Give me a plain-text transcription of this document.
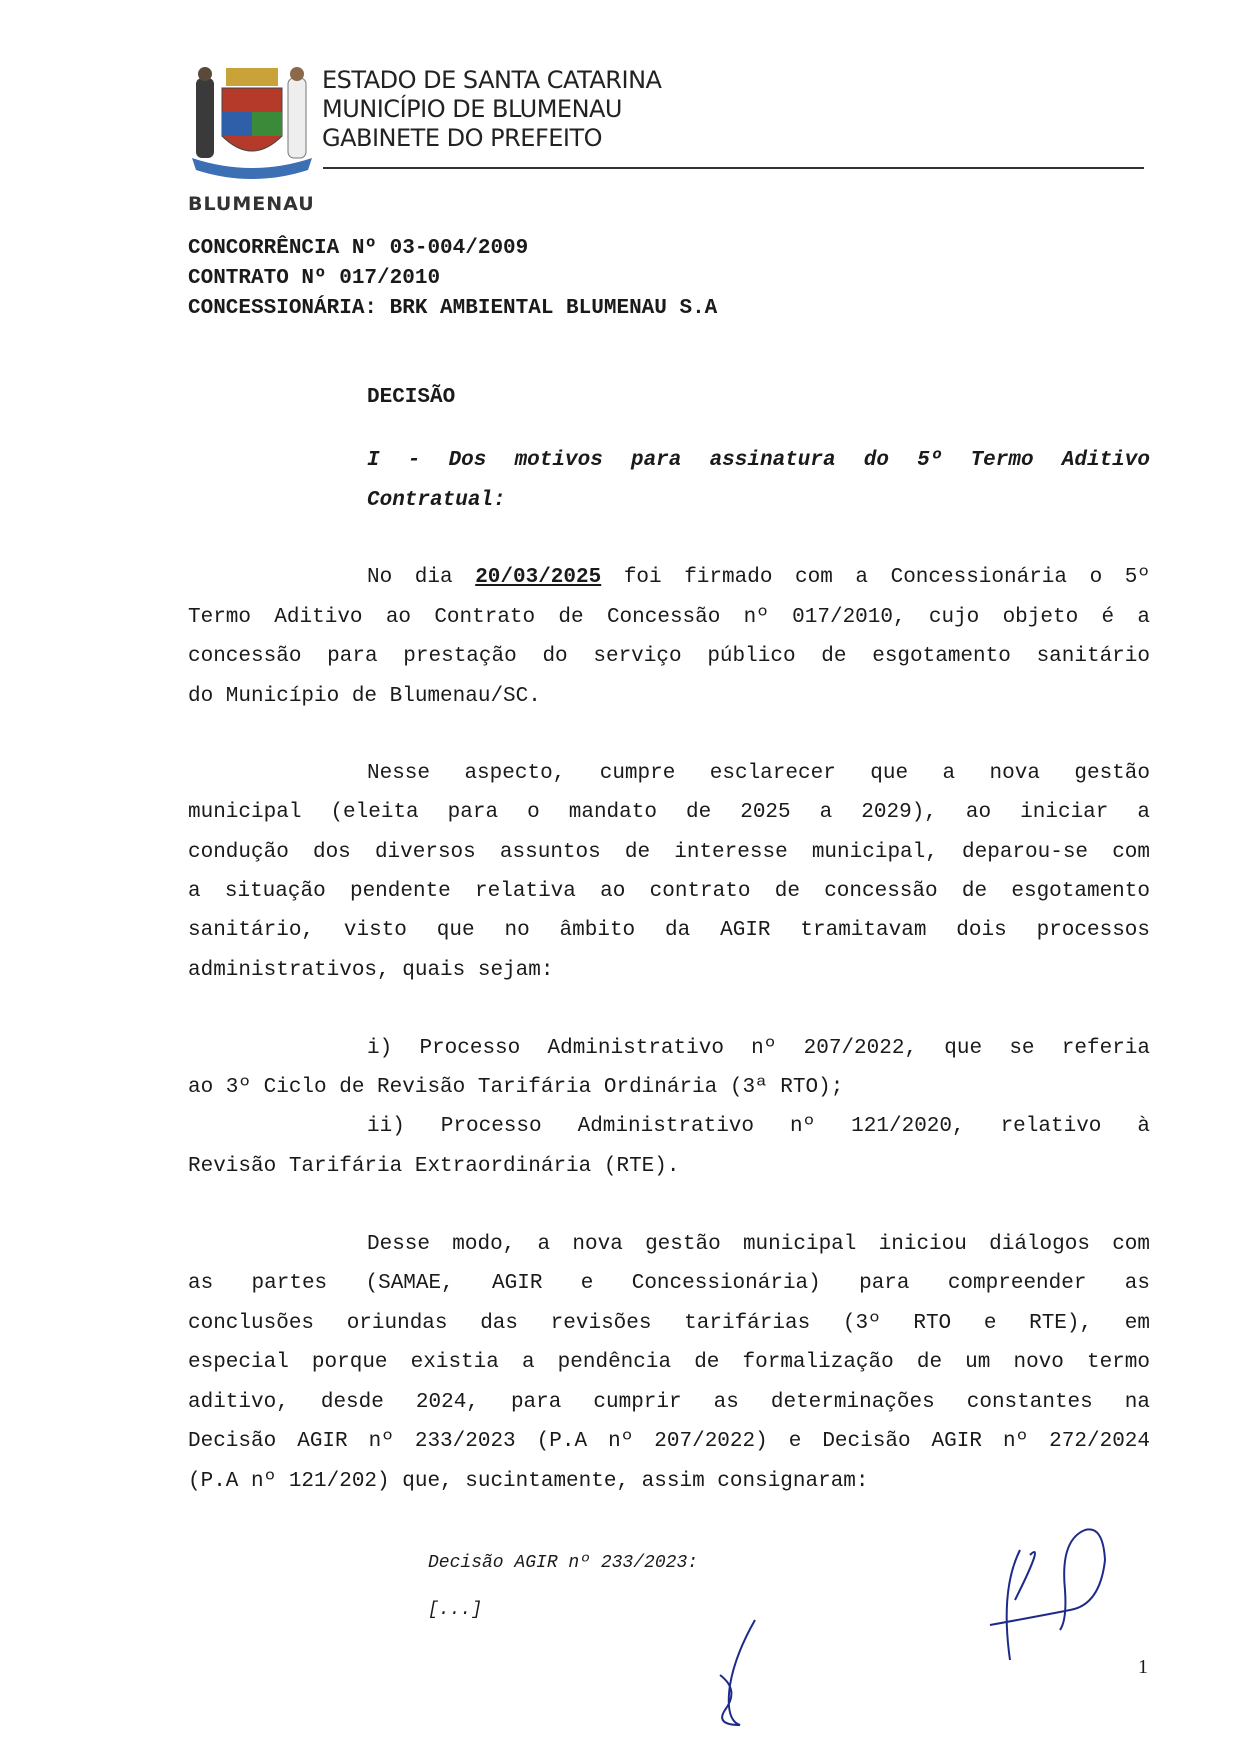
BLUMENAU
ESTADO DE SANTA CATARINA
MUNICÍPIO DE BLUMENAU
GABINETE DO PREFEITO
CONCORRÊNCIA Nº 03-004/2009
CONTRATO Nº 017/2010
CONCESSIONÁRIA: BRK AMBIENTAL BLUMENAU S.A
DECISÃO
I - Dos motivos para assinatura do 5º Termo Aditivo
Contratual:
No dia 20/03/2025 foi firmado com a Concessionária o 5º
Termo Aditivo ao Contrato de Concessão nº 017/2010, cujo objeto é a
concessão para prestação do serviço público de esgotamento sanitário
do Município de Blumenau/SC.
Nesse aspecto, cumpre esclarecer que a nova gestão
municipal (eleita para o mandato de 2025 a 2029), ao iniciar a
condução dos diversos assuntos de interesse municipal, deparou-se com
a situação pendente relativa ao contrato de concessão de esgotamento
sanitário, visto que no âmbito da AGIR tramitavam dois processos
administrativos, quais sejam:
i) Processo Administrativo nº 207/2022, que se referia
ao 3º Ciclo de Revisão Tarifária Ordinária (3ª RTO);
ii) Processo Administrativo nº 121/2020, relativo à
Revisão Tarifária Extraordinária (RTE).
Desse modo, a nova gestão municipal iniciou diálogos com
as partes (SAMAE, AGIR e Concessionária) para compreender as
conclusões oriundas das revisões tarifárias (3º RTO e RTE), em
especial porque existia a pendência de formalização de um novo termo
aditivo, desde 2024, para cumprir as determinações constantes na
Decisão AGIR nº 233/2023 (P.A nº 207/2022) e Decisão AGIR nº 272/2024
(P.A nº 121/202) que, sucintamente, assim consignaram:
Decisão AGIR nº 233/2023:
[...]
1
